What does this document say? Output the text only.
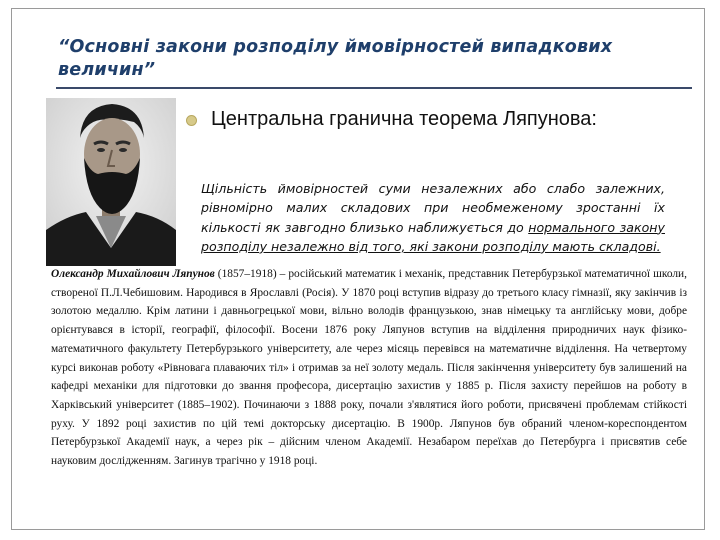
“Основні закони розподілу ймовірностей випадкових величин”
Центральна гранична теорема Ляпунова:
Щільність ймовірностей суми незалежних або слабо залежних, рівномірно малих складових при необмеженому зростанні їх кількості як завгодно близько наближується до нормального закону розподілу незалежно від того, які закони розподілу мають складові.
Олександр Михайлович Ляпунов (1857–1918) – російський математик і механік, представник Петербурзької математичної школи, створеної П.Л.Чебишовим. Народився в Ярославлі (Росія). У 1870 році вступив відразу до третього класу гімназії, яку закінчив із золотою медаллю. Крім латини і давньогрецької мови, вільно володів французькою, знав німецьку та англійську мови, добре орієнтувався в історії, географії, філософії. Восени 1876 року Ляпунов вступив на відділення природничих наук фізико-математичного факультету Петербурзького університету, але через місяць перевівся на математичне відділення. На четвертому курсі виконав роботу «Рівновага плаваючих тіл» і отримав за неї золоту медаль. Після закінчення університету був залишений на кафедрі механіки для підготовки до звання професора, дисертацію захистив у 1885 р. Після захисту перейшов на роботу в Харківський університет (1885–1902). Починаючи з 1888 року, почали з'являтися його роботи, присвячені проблемам стійкості руху. У 1892 році захистив по цій темі докторську дисертацію. В 1900р. Ляпунов був обраний членом-кореспондентом Петербурзької Академії наук, а через рік – дійсним членом Академії. Незабаром переїхав до Петербурга і присвятив себе науковим дослідженням. Загинув трагічно у 1918 році.
